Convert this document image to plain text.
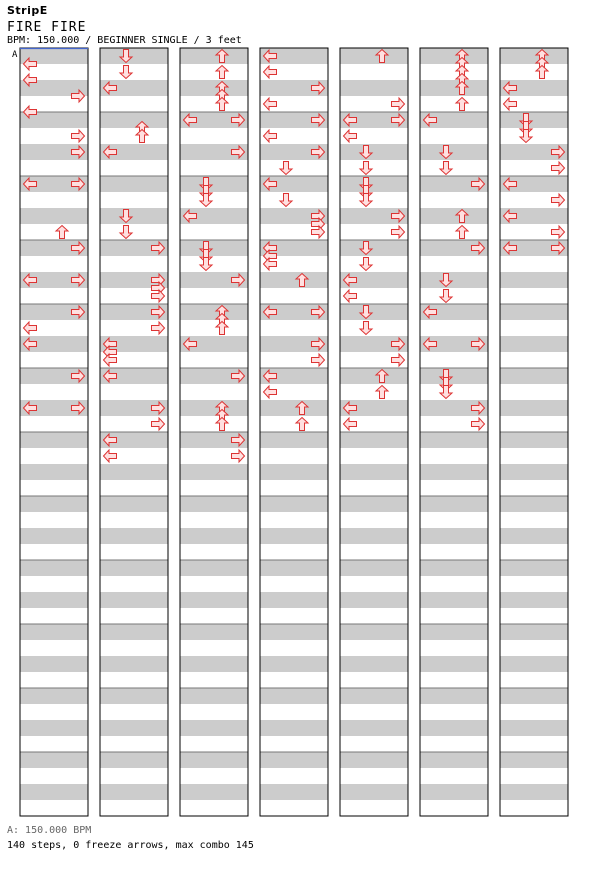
StripE
FIRE FIRE
BPM: 150.000 / BEGINNER SINGLE / 3 feet
A
A: 150.000 BPM
140 steps, 0 freeze arrows, max combo 145
